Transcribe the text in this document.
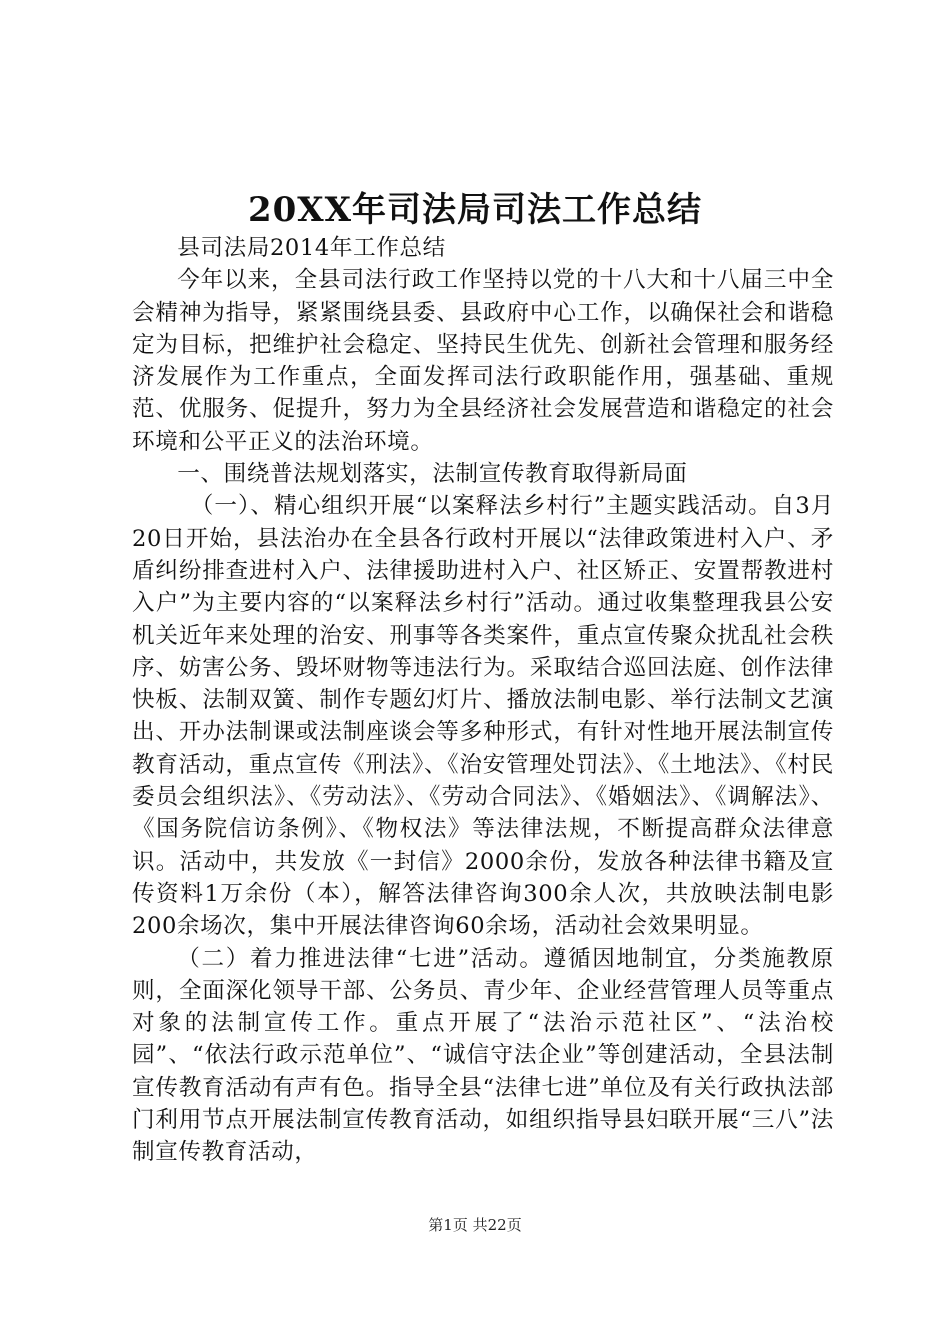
20XX年司法局司法工作总结

县司法局2014年工作总结

今年以来，全县司法行政工作坚持以党的十八大和十八届三中全会精神为指导，紧紧围绕县委、县政府中心工作，以确保社会和谐稳定为目标，把维护社会稳定、坚持民生优先、创新社会管理和服务经济发展作为工作重点，全面发挥司法行政职能作用，强基础、重规范、优服务、促提升，努力为全县经济社会发展营造和谐稳定的社会环境和公平正义的法治环境。

一、围绕普法规划落实，法制宣传教育取得新局面

（一）、精心组织开展“以案释法乡村行”主题实践活动。自3月20日开始，县法治办在全县各行政村开展以“法律政策进村入户、矛盾纠纷排查进村入户、法律援助进村入户、社区矫正、安置帮教进村入户”为主要内容的“以案释法乡村行”活动。通过收集整理我县公安机关近年来处理的治安、刑事等各类案件，重点宣传聚众扰乱社会秩序、妨害公务、毁坏财物等违法行为。采取结合巡回法庭、创作法律快板、法制双簧、制作专题幻灯片、播放法制电影、举行法制文艺演出、开办法制课或法制座谈会等多种形式，有针对性地开展法制宣传教育活动，重点宣传《刑法》、《治安管理处罚法》、《土地法》、《村民委员会组织法》、《劳动法》、《劳动合同法》、《婚姻法》、《调解法》、《国务院信访条例》、《物权法》等法律法规，不断提高群众法律意识。活动中，共发放《一封信》2000余份，发放各种法律书籍及宣传资料1万余份（本），解答法律咨询300余人次，共放映法制电影200余场次，集中开展法律咨询60余场，活动社会效果明显。

（二）着力推进法律“七进”活动。遵循因地制宜，分类施教原则，全面深化领导干部、公务员、青少年、企业经营管理人员等重点对象的法制宣传工作。重点开展了“法治示范社区”、“法治校园”、“依法行政示范单位”、“诚信守法企业”等创建活动，全县法制宣传教育活动有声有色。指导全县“法律七进”单位及有关行政执法部门利用节点开展法制宣传教育活动，如组织指导县妇联开展“三八”法制宣传教育活动，

第1页 共22页
